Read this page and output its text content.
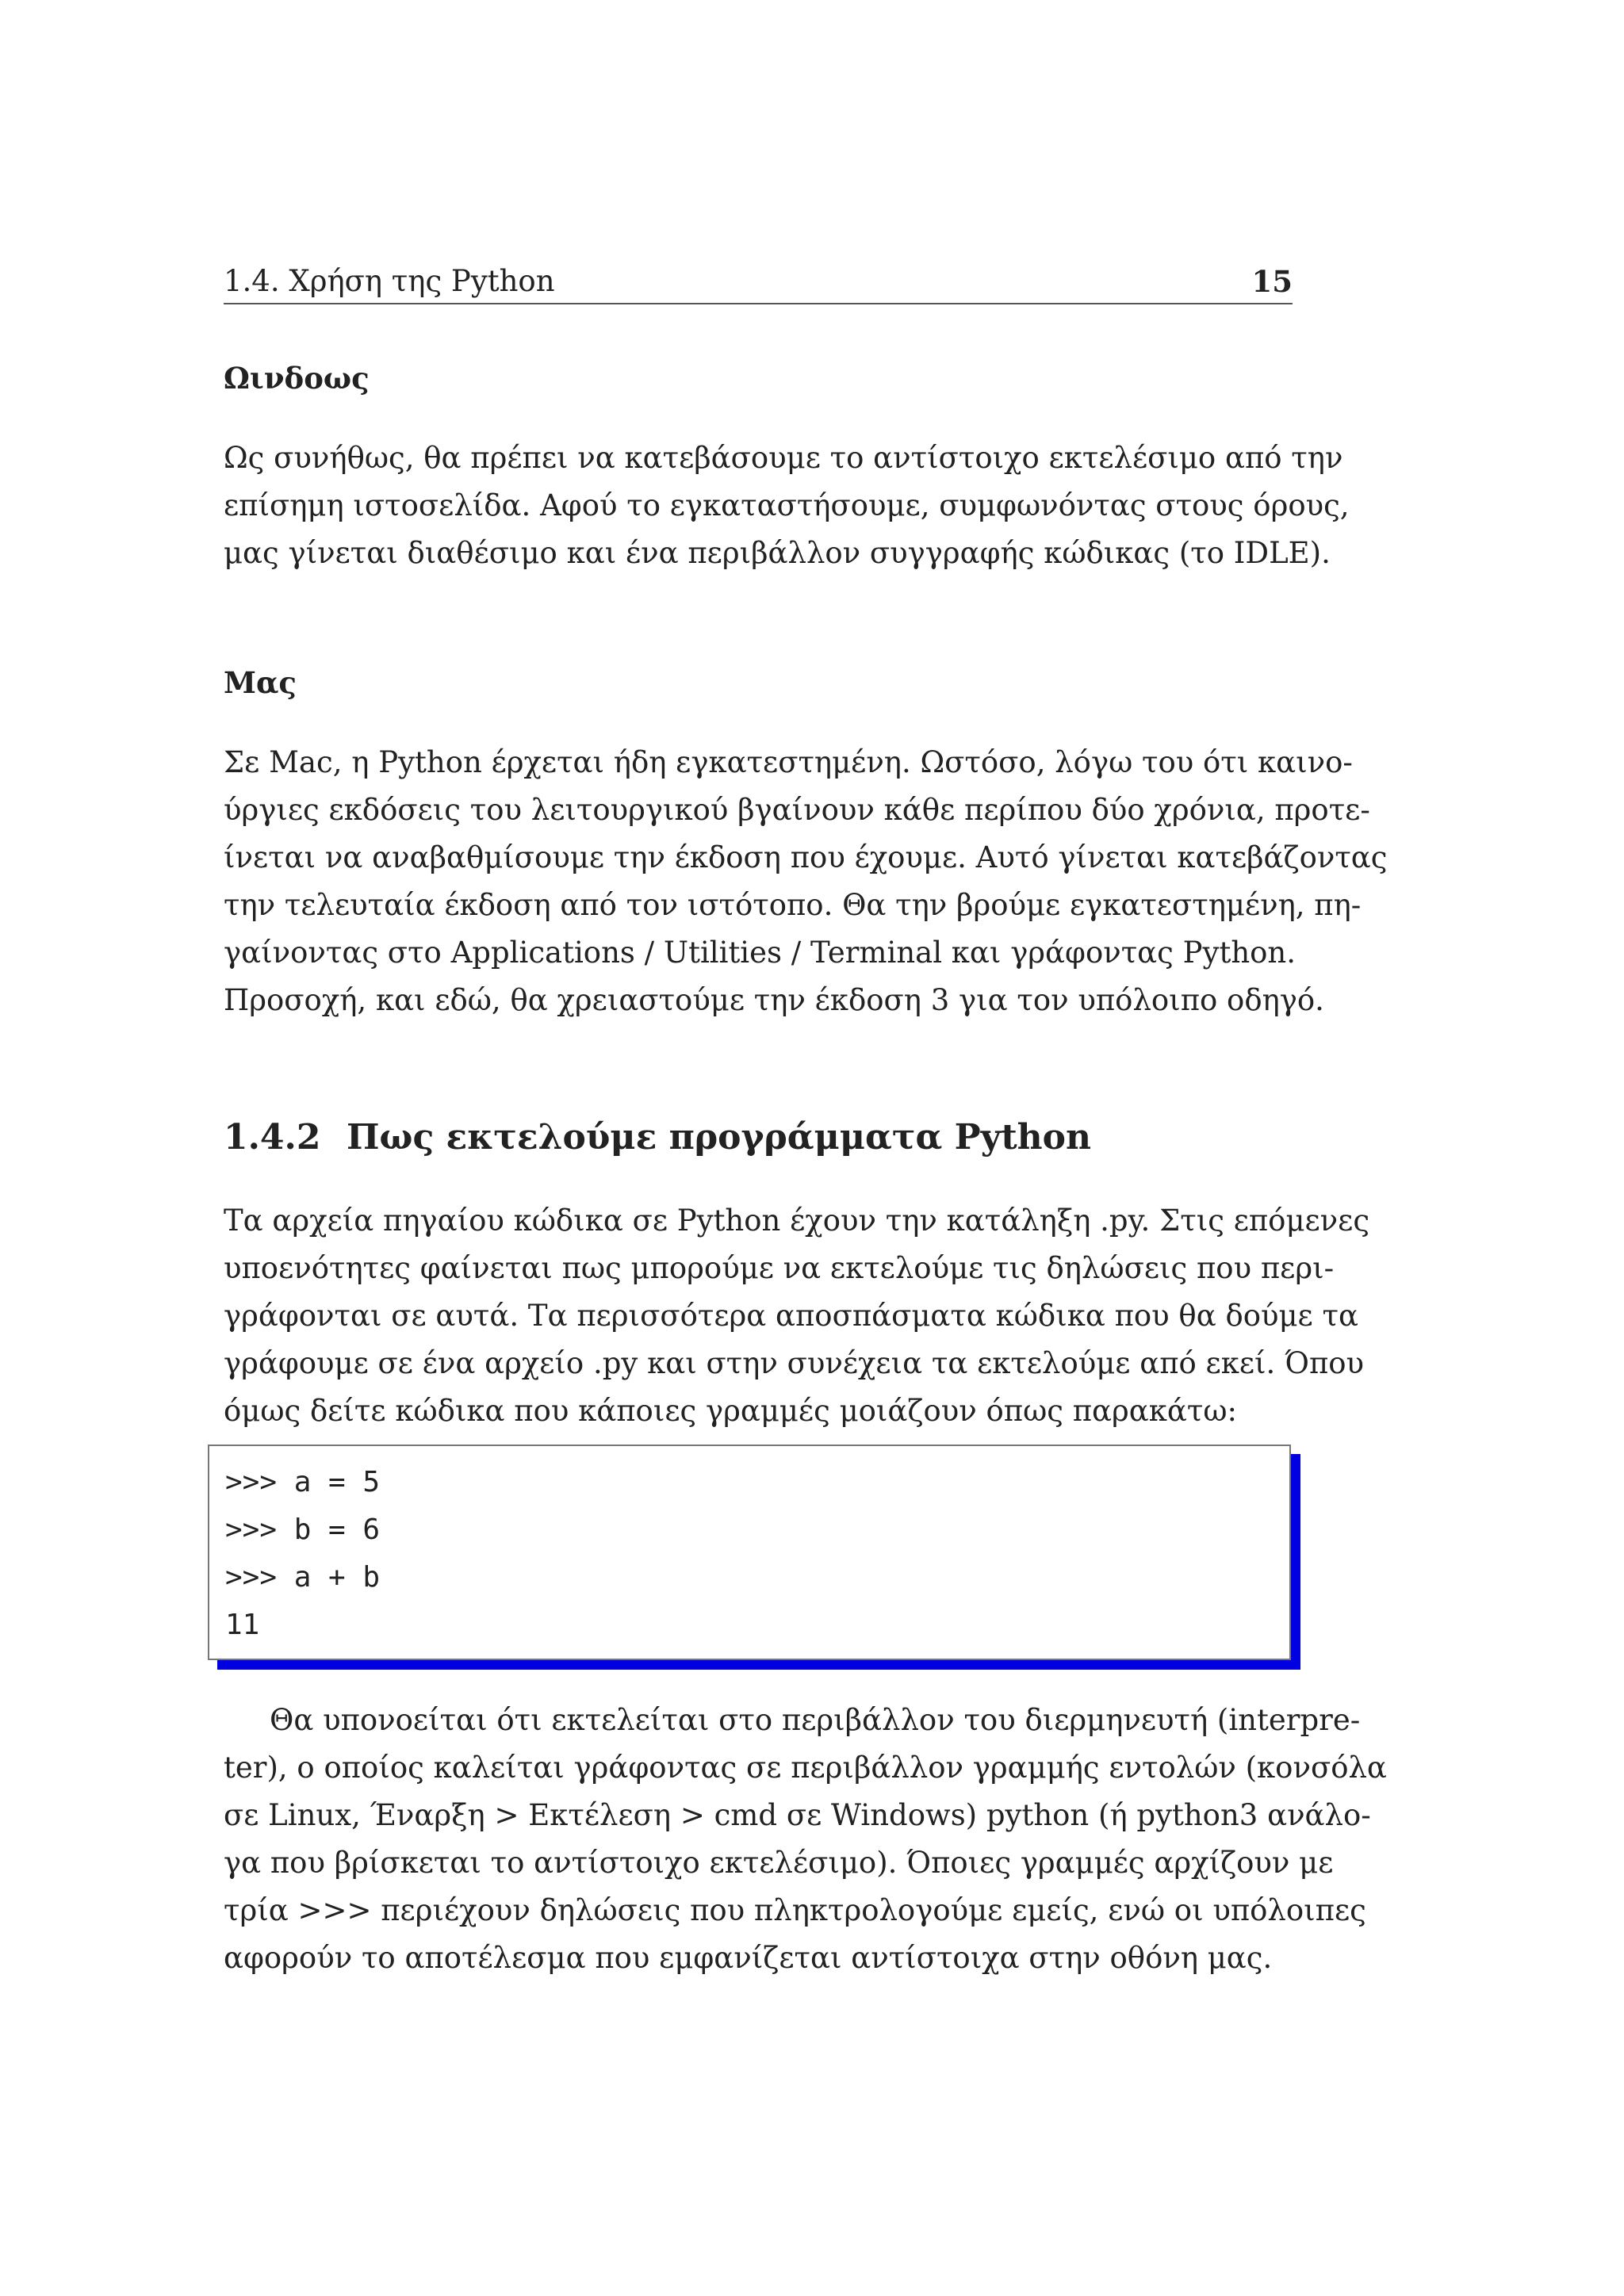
1.4. Χρήση της Python	15
Ωινδοως
Ως συνήθως, θα πρέπει να κατεβάσουμε το αντίστοιχο εκτελέσιμο από την
επίσημη ιστοσελίδα. Αφού το εγκαταστήσουμε, συμφωνόντας στους όρους,
μας γίνεται διαθέσιμο και ένα περιβάλλον συγγραφής κώδικας (το IDLE).
Μας
Σε Mac, η Python έρχεται ήδη εγκατεστημένη. Ωστόσο, λόγω του ότι καινο-
ύργιες εκδόσεις του λειτουργικού βγαίνουν κάθε περίπου δύο χρόνια, προτε-
ίνεται να αναβαθμίσουμε την έκδοση που έχουμε. Αυτό γίνεται κατεβάζοντας
την τελευταία έκδοση από τον ιστότοπο. Θα την βρούμε εγκατεστημένη, πη-
γαίνοντας στο Applications / Utilities / Terminal και γράφοντας Python.
Προσοχή, και εδώ, θα χρειαστούμε την έκδοση 3 για τον υπόλοιπο οδηγό.
1.4.2 Πως εκτελούμε προγράμματα Python
Τα αρχεία πηγαίου κώδικα σε Python έχουν την κατάληξη .py. Στις επόμενες
υποενότητες φαίνεται πως μπορούμε να εκτελούμε τις δηλώσεις που περι-
γράφονται σε αυτά. Τα περισσότερα αποσπάσματα κώδικα που θα δούμε τα
γράφουμε σε ένα αρχείο .py και στην συνέχεια τα εκτελούμε από εκεί. Όπου
όμως δείτε κώδικα που κάποιες γραμμές μοιάζουν όπως παρακάτω:
>>> a = 5
>>> b = 6
>>> a + b
11
Θα υπονοείται ότι εκτελείται στο περιβάλλον του διερμηνευτή (interpre-
ter), ο οποίος καλείται γράφοντας σε περιβάλλον γραμμής εντολών (κονσόλα
σε Linux, Έναρξη > Εκτέλεση > cmd σε Windows) python (ή python3 ανάλο-
γα που βρίσκεται το αντίστοιχο εκτελέσιμο). Όποιες γραμμές αρχίζουν με
τρία >>> περιέχουν δηλώσεις που πληκτρολογούμε εμείς, ενώ οι υπόλοιπες
αφορούν το αποτέλεσμα που εμφανίζεται αντίστοιχα στην οθόνη μας.
